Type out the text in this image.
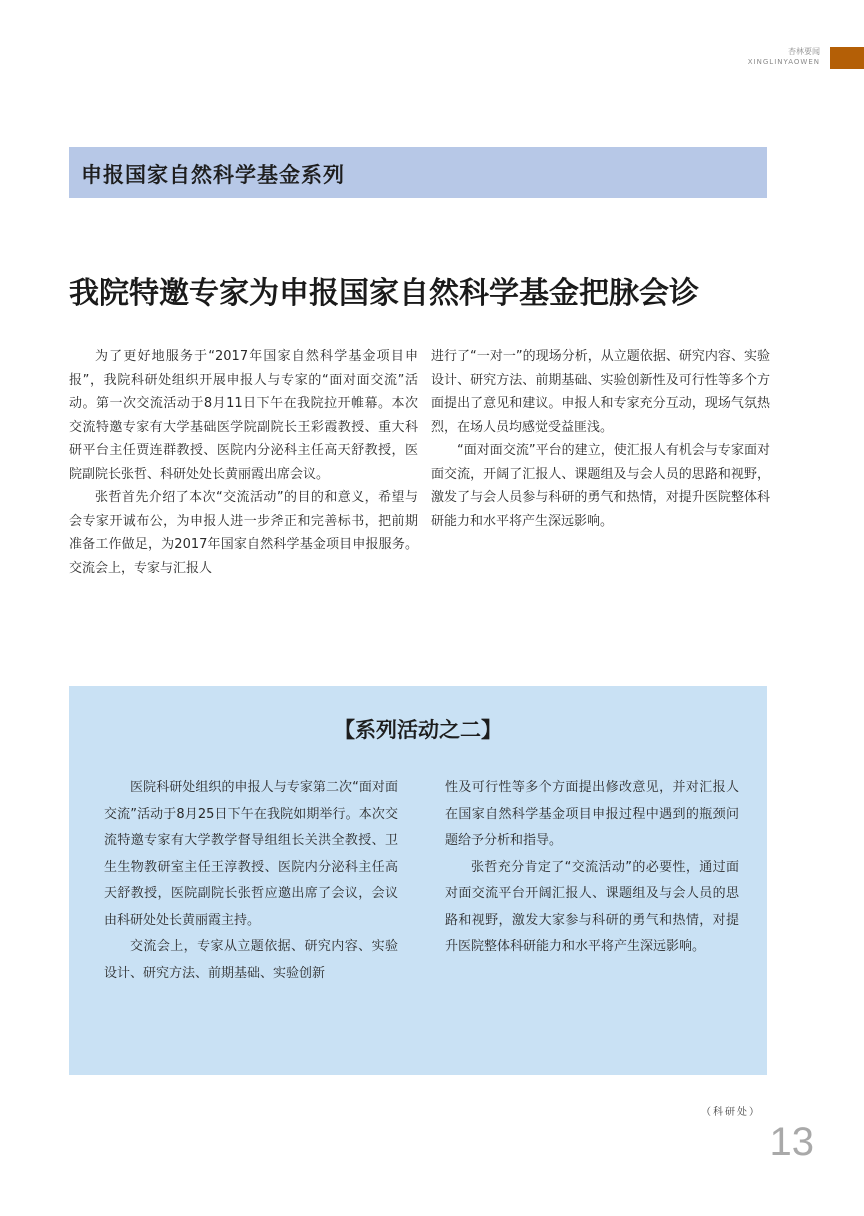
杏林要闻
XINGLINYAOWEN
申报国家自然科学基金系列
我院特邀专家为申报国家自然科学基金把脉会诊

为了更好地服务于“2017年国家自然科学基金项目申报”，我院科研处组织开展申报人与专家的“面对面交流”活动。第一次交流活动于8月11日下午在我院拉开帷幕。本次交流特邀专家有大学基础医学院副院长王彩霞教授、重大科研平台主任贾连群教授、医院内分泌科主任高天舒教授，医院副院长张哲、科研处处长黄丽霞出席会议。

张哲首先介绍了本次“交流活动”的目的和意义，希望与会专家开诚布公，为申报人进一步斧正和完善标书，把前期准备工作做足，为2017年国家自然科学基金项目申报服务。交流会上，专家与汇报人

进行了“一对一”的现场分析，从立题依据、研究内容、实验设计、研究方法、前期基础、实验创新性及可行性等多个方面提出了意见和建议。申报人和专家充分互动，现场气氛热烈，在场人员均感觉受益匪浅。

“面对面交流”平台的建立，使汇报人有机会与专家面对面交流，开阔了汇报人、课题组及与会人员的思路和视野，激发了与会人员参与科研的勇气和热情，对提升医院整体科研能力和水平将产生深远影响。

【系列活动之二】

医院科研处组织的申报人与专家第二次“面对面交流”活动于8月25日下午在我院如期举行。本次交流特邀专家有大学教学督导组组长关洪全教授、卫生生物教研室主任王淳教授、医院内分泌科主任高天舒教授，医院副院长张哲应邀出席了会议，会议由科研处处长黄丽霞主持。

交流会上，专家从立题依据、研究内容、实验设计、研究方法、前期基础、实验创新

性及可行性等多个方面提出修改意见，并对汇报人在国家自然科学基金项目申报过程中遇到的瓶颈问题给予分析和指导。

张哲充分肯定了“交流活动”的必要性，通过面对面交流平台开阔汇报人、课题组及与会人员的思路和视野，激发大家参与科研的勇气和热情，对提升医院整体科研能力和水平将产生深远影响。

（科研处）
13
